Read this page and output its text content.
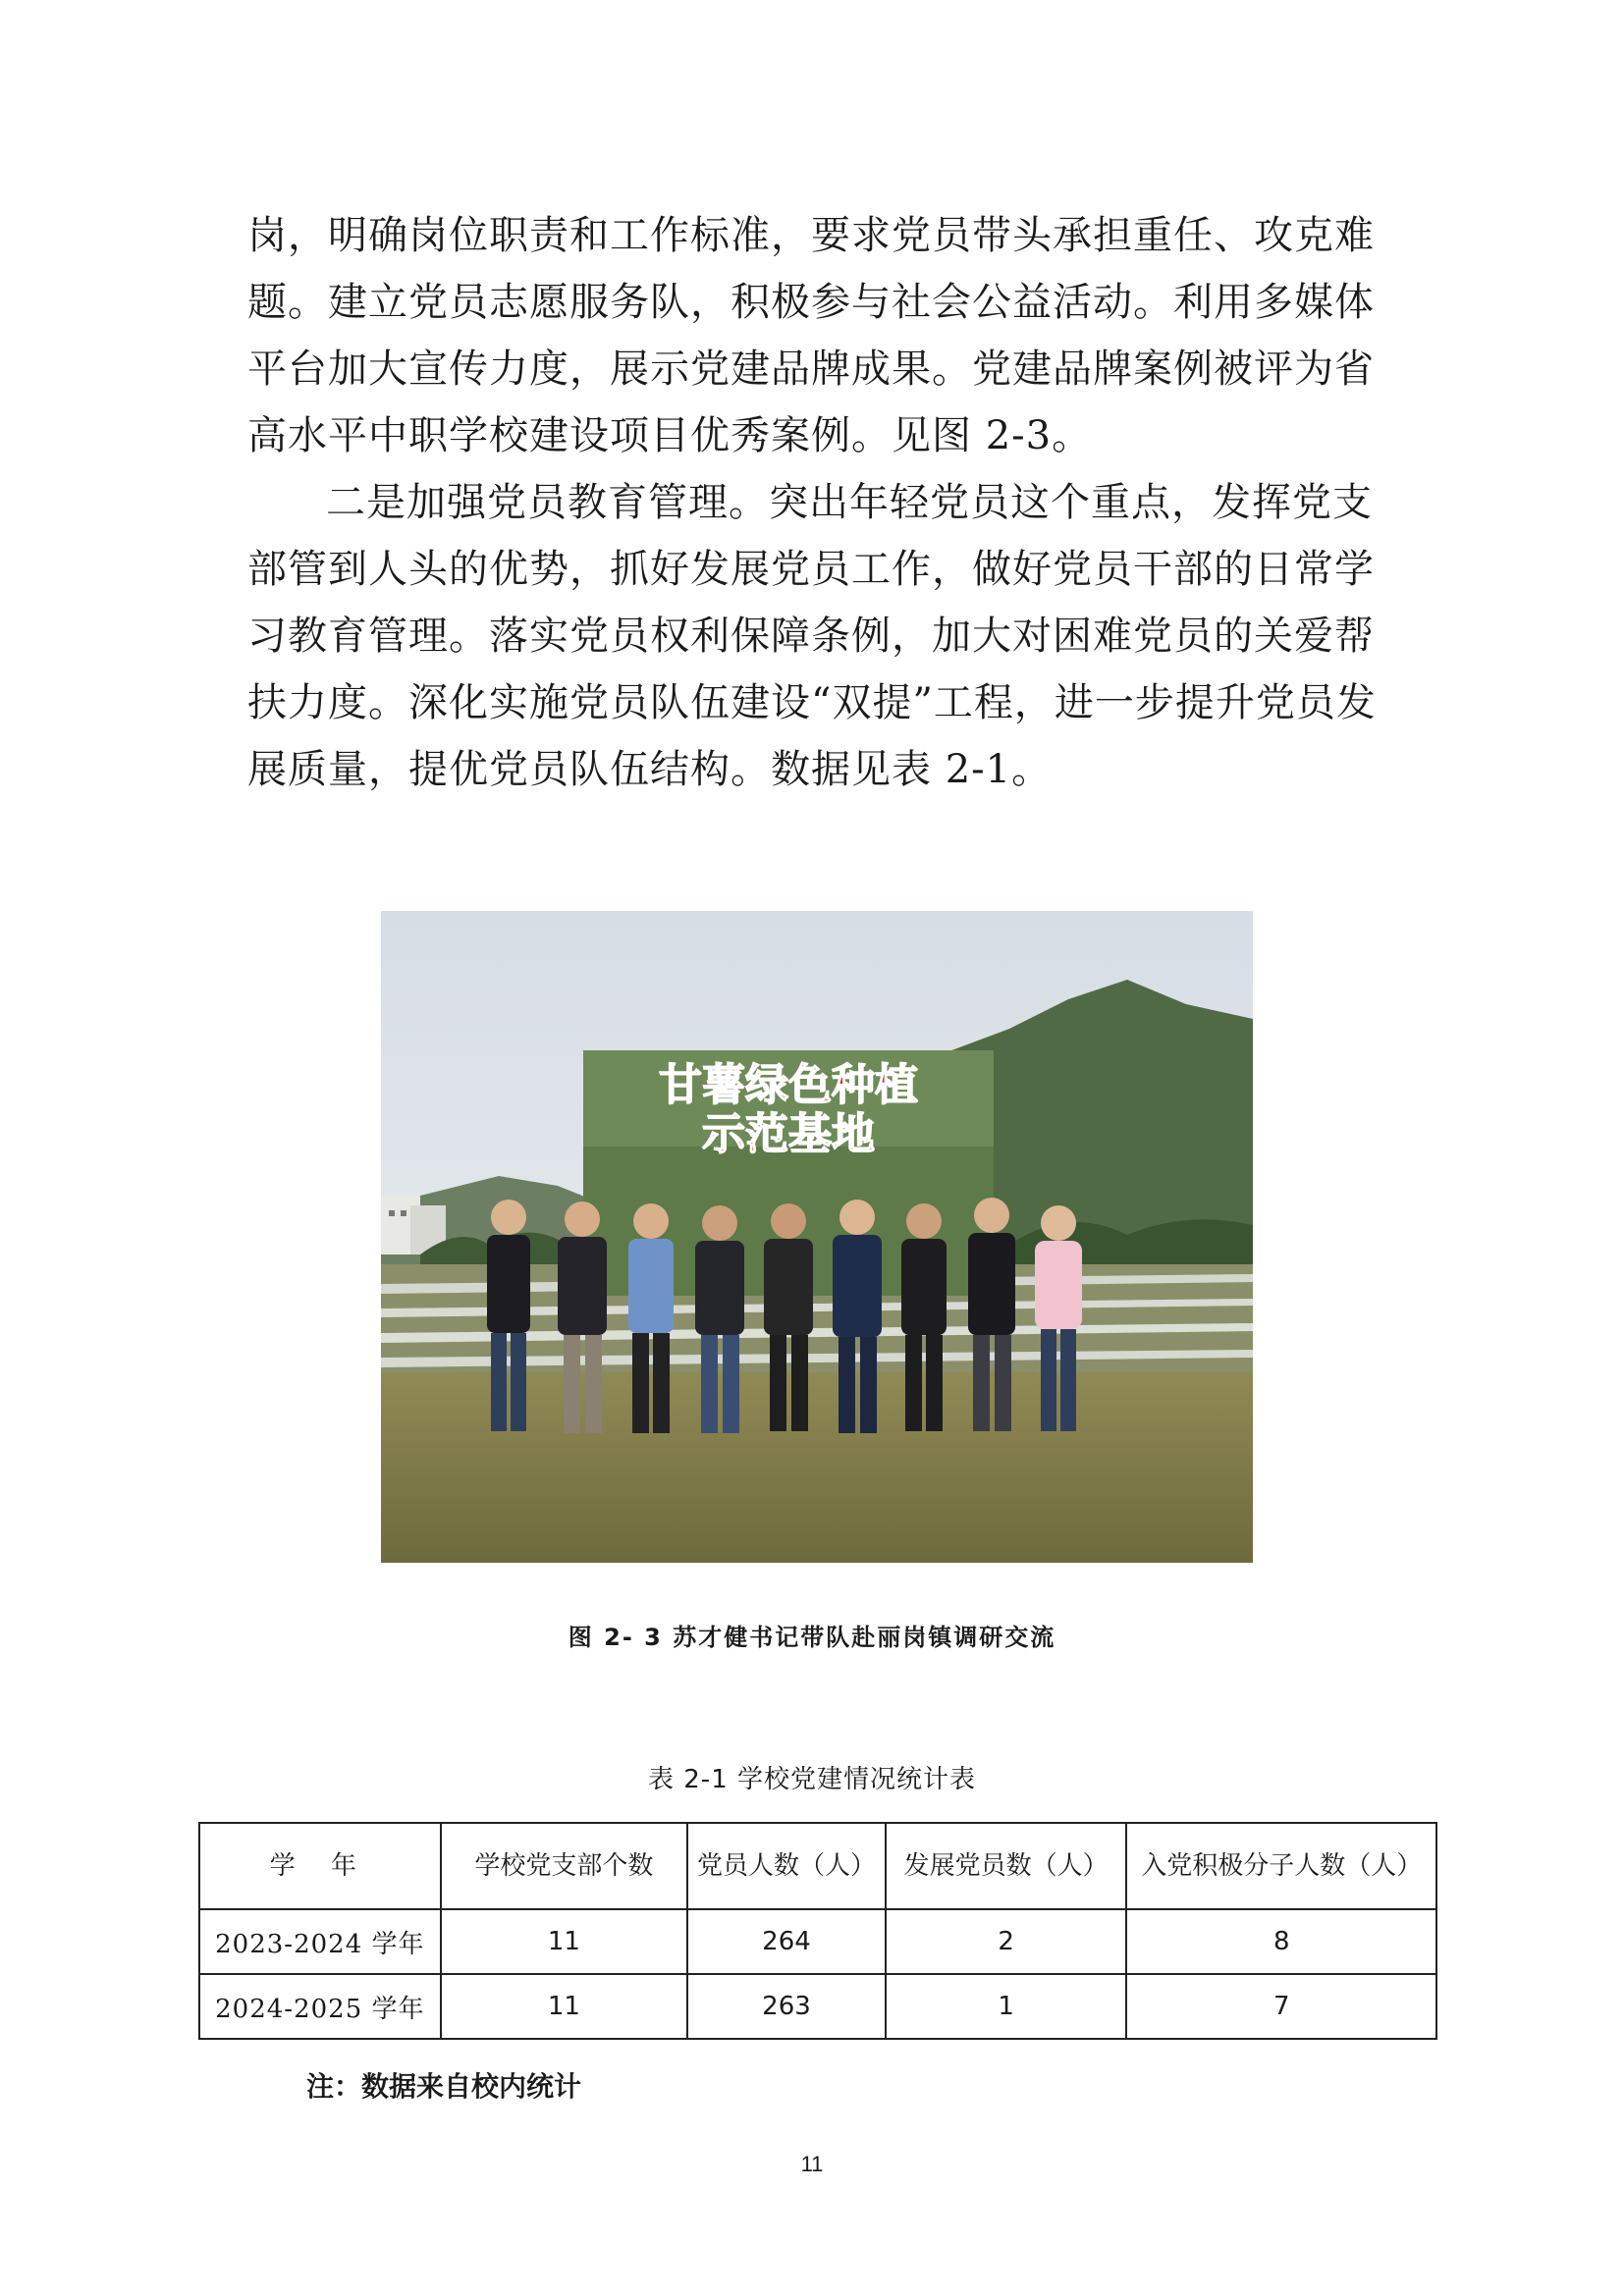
岗，明确岗位职责和工作标准，要求党员带头承担重任、攻克难题。建立党员志愿服务队，积极参与社会公益活动。利用多媒体平台加大宣传力度，展示党建品牌成果。党建品牌案例被评为省高水平中职学校建设项目优秀案例。见图 2-3。

二是加强党员教育管理。突出年轻党员这个重点，发挥党支部管到人头的优势，抓好发展党员工作，做好党员干部的日常学习教育管理。落实党员权利保障条例，加大对困难党员的关爱帮扶力度。深化实施党员队伍建设“双提”工程，进一步提升党员发展质量，提优党员队伍结构。数据见表 2-1。

甘薯绿色种植
示范基地
图 2- 3 苏才健书记带队赴丽岗镇调研交流
表 2-1 学校党建情况统计表
学 年	学校党支部个数	党员人数（人）	发展党员数（人）	入党积极分子人数（人）
2023-2024 学年	11	264	2	8
2024-2025 学年	11	263	1	7
注：数据来自校内统计
11
